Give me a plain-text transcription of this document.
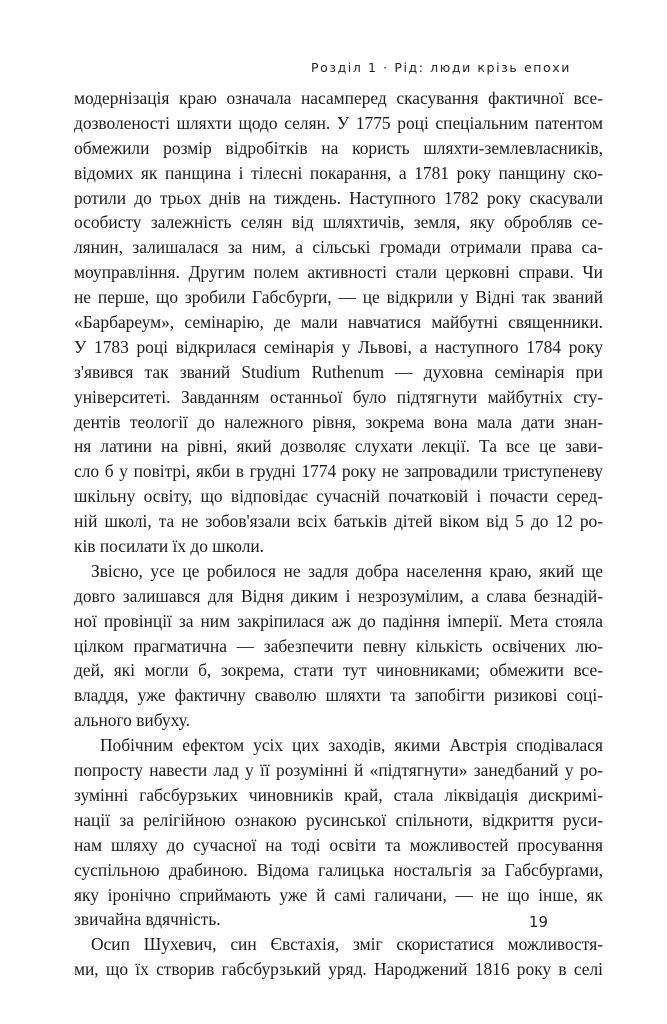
Розділ 1 · Рід: люди крізь епохи
модернізація краю означала насамперед скасування фактичної все-
дозволеності шляхти щодо селян. У 1775 році спеціальним патентом
обмежили розмір відробітків на користь шляхти-землевласників,
відомих як панщина і тілесні покарання, а 1781 року панщину ско-
ротили до трьох днів на тиждень. Наступного 1782 року скасували
особисту залежність селян від шляхтичів, земля, яку обробляв се-
лянин, залишалася за ним, а сільські громади отримали права са-
моуправління. Другим полем активності стали церковні справи. Чи
не перше, що зробили Габсбурґи, — це відкрили у Відні так званий
«Барбареум», семінарію, де мали навчатися майбутні священники.
У 1783 році відкрилася семінарія у Львові, а наступного 1784 року
з'явився так званий Studium Ruthenum — духовна семінарія при
університеті. Завданням останньої було підтягнути майбутніх сту-
дентів теології до належного рівня, зокрема вона мала дати знан-
ня латини на рівні, який дозволяє слухати лекції. Та все це зави-
сло б у повітрі, якби в грудні 1774 року не запровадили триступеневу
шкільну освіту, що відповідає сучасній початковій і почасти серед-
ній школі, та не зобов'язали всіх батьків дітей віком від 5 до 12 ро-
ків посилати їх до школи.
Звісно, усе це робилося не задля добра населення краю, який ще
довго залишався для Відня диким і незрозумілим, а слава безнадій-
ної провінції за ним закріпилася аж до падіння імперії. Мета стояла
цілком прагматична — забезпечити певну кількість освічених лю-
дей, які могли б, зокрема, стати тут чиновниками; обмежити все-
владдя, уже фактичну сваволю шляхти та запобігти ризикові соці-
ального вибуху.
Побічним ефектом усіх цих заходів, якими Австрія сподівалася
попросту навести лад у її розумінні й «підтягнути» занедбаний у ро-
зумінні габсбурзьких чиновників край, стала ліквідація дискримі-
нації за релігійною ознакою русинської спільноти, відкриття руси-
нам шляху до сучасної на тоді освіти та можливостей просування
суспільною драбиною. Відома галицька ностальгія за Габсбурґами,
яку іронічно сприймають уже й самі галичани, — не що інше, як
звичайна вдячність.
Осип Шухевич, син Євстахія, зміг скористатися можливостя-
ми, що їх створив габсбурзький уряд. Народжений 1816 року в селі
19
